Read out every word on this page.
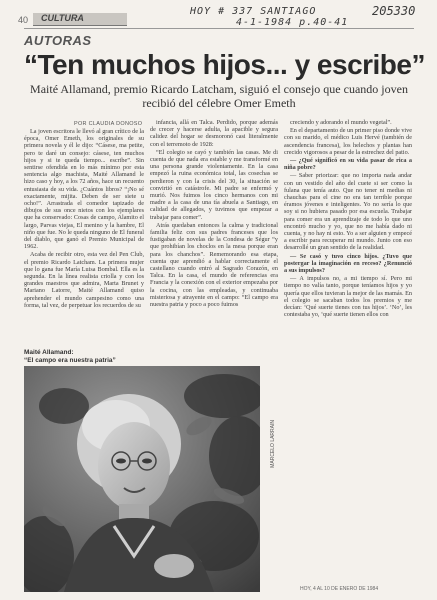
HOY # 337 SANTIAGO
4-1-1984 p.40-41
205330
40 CULTURA
AUTORAS
“Ten muchos hijos... y escribe”
Maité Allamand, premio Ricardo Latcham, siguió el consejo que cuando joven recibió del célebre Omer Emeth
POR CLAUDIA DONOSO

La joven escritora le llevó al gran crítico de la época, Omer Emeth, los originales de su primera novela y él le dijo: “Cásese, ma petite, pero te daré un consejo: cásese, ten muchos hijos y si te queda tiempo... escribe”. Sin sentirse ofendida en lo más mínimo por esta sentencia algo machista, Maité Allamand le hizo caso y hoy, a los 72 años, hace un recuento entusiasta de su vida. ¿Cuántos libros? “¡No sé exactamente, mijita. Deben de ser siete u ocho!”. Arrastrada el comedor tapizado de dibujos de sus once nietos con los ejemplares que ha conservado: Cosas de campo, Alamito el largo, Parvas viejas, El menino y la hambre, El niño que fue. No le queda ninguno de El funeral del diablo, que ganó el Premio Municipal de 1962.

Acaba de recibir otro, esta vez del Pen Club, el premio Ricardo Latcham. La primera mujer que lo gana fue María Luisa Bombal. Ella es la segunda. En la línea realista criolla y con los grandes maestros que admira, Marta Brunet y Mariano Latorre, Maité Allamand quiso aprehender el mundo campesino como una forma, tal vez, de perpetuar los recuerdos de su

infancia, allá en Talca. Perdido, porque además de crecer y hacerse adulta, la apacible y segura calidez del hogar se desmoronó casi literalmente con el terremoto de 1928:

“El colegio se cayó y también las casas. Me di cuenta de que nada era estable y me transformé en una persona grande violentamente. En la casa empezó la ruina económica total, las cosechas se perdieron y con la crisis del 30, la situación se convirtió en catástrofe. Mi padre se enfermó y murió. Nos fuimos los cinco hermanos con mi madre a la casa de una tía abuela a Santiago, en calidad de allegados, y tuvimos que empezar a trabajar para comer”.

Atrás quedaban entonces la calma y tradicional familia feliz con sus padres franceses que los fustigaban de novelas de la Condesa de Ségur “y que prohibían los choclos en la mesa porque eran para los chanchos”. Rememorando esa etapa, cuenta que aprendió a hablar correctamente el castellano cuando entró al Sagrado Corazón, en Talca. En la casa, el mundo de referencias era Francia y la conexión con el exterior empezaba por la cocina, con las empleadas, y continuaba misteriosa y atrayente en el campo: “El campo era nuestra patria y poco a poco fuimos

creciendo y adorando el mundo vegetal”.

En el departamento de un primer piso donde vive con su marido, el médico Luis Hervé (también de ascendencia francesa), los helechos y plantas han crecido vigorosos a pesar de la estrechez del patio.

— ¿Qué significó en su vida pasar de rica a niña pobre?

— Saber priorizar: que no importa nada andar con un vestido del año del cuete si ser como la fulana que tenía auto. Que no tener ni medias ni chauchas para el cine no era tan terrible porque éramos jóvenes e inteligentes. Yo no sería lo que soy si no hubiera pasado por esa escuela. Trabajar para comer era un aprendizaje de todo lo que uno encontró mucho y yo, que no me había dado ni cuenta, y no hay ni esto. Yo a ser alguien y empecé a escribir para recuperar mi mundo. Junto con eso desarrollé un gran sentido de la realidad.

— Se casó y tuvo cinco hijos. ¿Tuvo que postergar la imaginación en receso? ¿Renunció a sus impulsos?

— A impulsos no, a mi tiempo sí. Pero mi tiempo no valía tanto, porque teníamos hijos y yo quería que ellos tuvieran la mejor de las mamás. En el colegio se sacaban todos los premios y me decían: ‘Qué suerte tienes con tus hijos’. ‘No’, les contestaba yo, ‘qué suerte tienen ellos con

Maité Allamand:
“El campo era nuestra patria”
MARCELO LARRAIN
HOY, 4 AL 10 DE ENERO DE 1984
